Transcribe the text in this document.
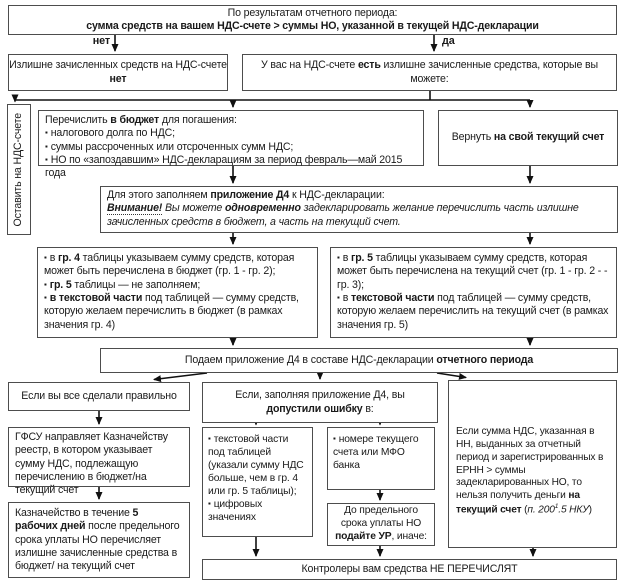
По результатам отчетного периода:
сумма средств на вашем НДС-счете > суммы НО, указанной в текущей НДС-декларации
нет	да
Излишне зачисленных средств на НДС-счете нет
У вас на НДС-счете есть излишне зачисленные средства, которые вы можете:
Оставить на НДС-счете Перечислить в бюджет для погашения:
▪ налогового долга по НДС;
▪ суммы рассроченных или отсроченных сумм НДС;
▪ НО по «запоздавшим» НДС-декларациям за период февраль—май 2015 года
Вернуть на свой текущий счет
Для этого заполняем приложение Д4 к НДС-декларации:
Внимание! Вы можете одновременно задекларировать желание перечислить часть излишне зачисленных средств в бюджет, а часть на текущий счет.
▪ в гр. 4 таблицы указываем сумму средств, которая может быть перечислена в бюджет (гр. 1 - гр. 2);
▪ гр. 5 таблицы — не заполняем;
▪ в текстовой части под таблицей — сумму средств, которую желаем перечислить в бюджет (в рамках значения гр. 4)
▪ в гр. 5 таблицы указываем сумму средств, которая может быть перечислена на текущий счет (гр. 1 - гр. 2 - - гр. 3);
▪ в текстовой части под таблицей — сумму средств, которую желаем перечислить на текущий счет (в рамках значения гр. 5)
Подаем приложение Д4 в составе НДС-декларации отчетного периода
Если вы все сделали правильно	Если, заполняя приложение Д4, вы допустили ошибку в:
Если сумма НДС, указанная в НН, выданных за отчетный период и зарегистрированных в ЕРНН > суммы задекларированных НО, то нельзя получить деньги на текущий счет (п. $200^1.5$ НКУ)
ГФСУ направляет Казначейству реестр, в котором указывает сумму НДС, подлежащую перечислению в бюджет/на текущий счет
Казначейство в течение 5 рабочих дней после предельного срока уплаты НО перечисляет излишне зачисленные средства в бюджет/ на текущий счет
▪ текстовой части под таблицей (указали сумму НДС больше, чем в гр. 4 или гр. 5 таблицы);
▪ цифровых значениях
▪ номере текущего счета или МФО банка
До предельного срока уплаты НО подайте УР, иначе:
Контролеры вам средства НЕ ПЕРЕЧИСЛЯТ
